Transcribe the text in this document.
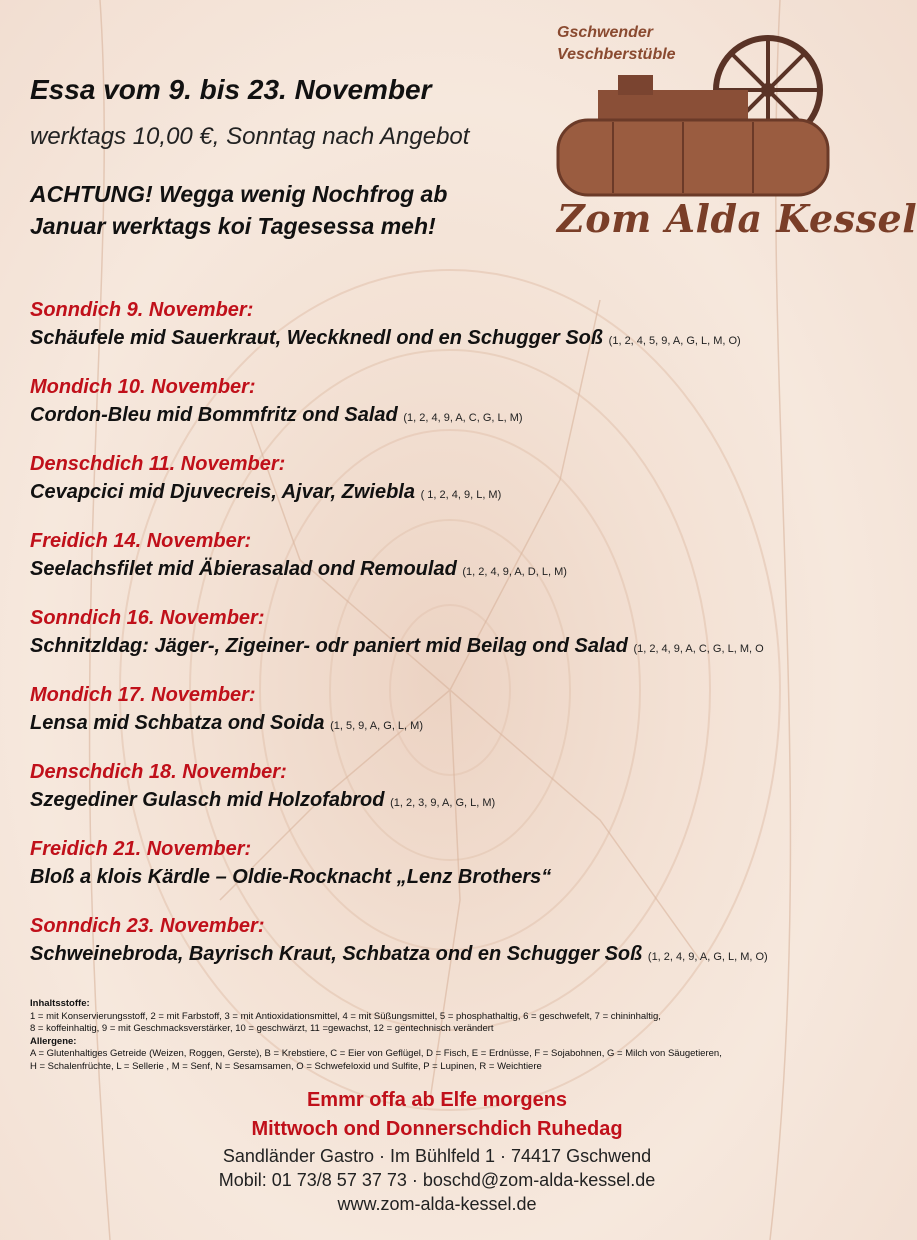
Essa vom 9. bis 23. November
werktags 10,00 €, Sonntag nach Angebot
ACHTUNG! Wegga wenig Nochfrog ab
Januar werktags koi Tagesessa meh!
Gschwender
Veschberstüble
Zom Alda Kessel
Sonndich 9. November:
Schäufele mid Sauerkraut, Weckknedl ond en Schugger Soß (1, 2, 4, 5, 9, A, G, L, M, O)
Mondich 10. November:
Cordon-Bleu mid Bommfritz ond Salad (1, 2, 4, 9, A, C, G, L, M)
Denschdich 11. November:
Cevapcici mid Djuvecreis, Ajvar, Zwiebla ( 1, 2, 4, 9, L, M)
Freidich 14. November:
Seelachsfilet mid Äbierasalad ond Remoulad (1, 2, 4, 9, A, D, L, M)
Sonndich 16. November:
Schnitzldag: Jäger-, Zigeiner- odr paniert mid Beilag ond Salad (1, 2, 4, 9, A, C, G, L, M, O
Mondich 17. November:
Lensa mid Schbatza ond Soida (1, 5, 9, A, G, L, M)
Denschdich 18. November:
Szegediner Gulasch mid Holzofabrod (1, 2, 3, 9, A, G, L, M)
Freidich 21. November:
Bloß a klois Kärdle – Oldie-Rocknacht „Lenz Brothers“
Sonndich 23. November:
Schweinebroda, Bayrisch Kraut, Schbatza ond en Schugger Soß (1, 2, 4, 9, A, G, L, M, O)
Inhaltsstoffe:
1 = mit Konservierungsstoff, 2 = mit Farbstoff, 3 = mit Antioxidationsmittel, 4 = mit Süßungsmittel, 5 = phosphathaltig, 6 = geschwefelt, 7 = chininhaltig,
8 = koffeinhaltig, 9 = mit Geschmacksverstärker, 10 = geschwärzt, 11 =gewachst, 12 = gentechnisch verändert
Allergene:
A = Glutenhaltiges Getreide (Weizen, Roggen, Gerste), B = Krebstiere, C = Eier von Geflügel, D = Fisch, E = Erdnüsse, F = Sojabohnen, G = Milch von Säugetieren,
H = Schalenfrüchte, L = Sellerie , M = Senf, N = Sesamsamen, O = Schwefeloxid und Sulfite, P = Lupinen, R = Weichtiere
Emmr offa ab Elfe morgens
Mittwoch ond Donnerschdich Ruhedag
Sandländer Gastro · Im Bühlfeld 1 · 74417 Gschwend
Mobil: 01 73/8 57 37 73 · boschd@zom-alda-kessel.de
www.zom-alda-kessel.de
